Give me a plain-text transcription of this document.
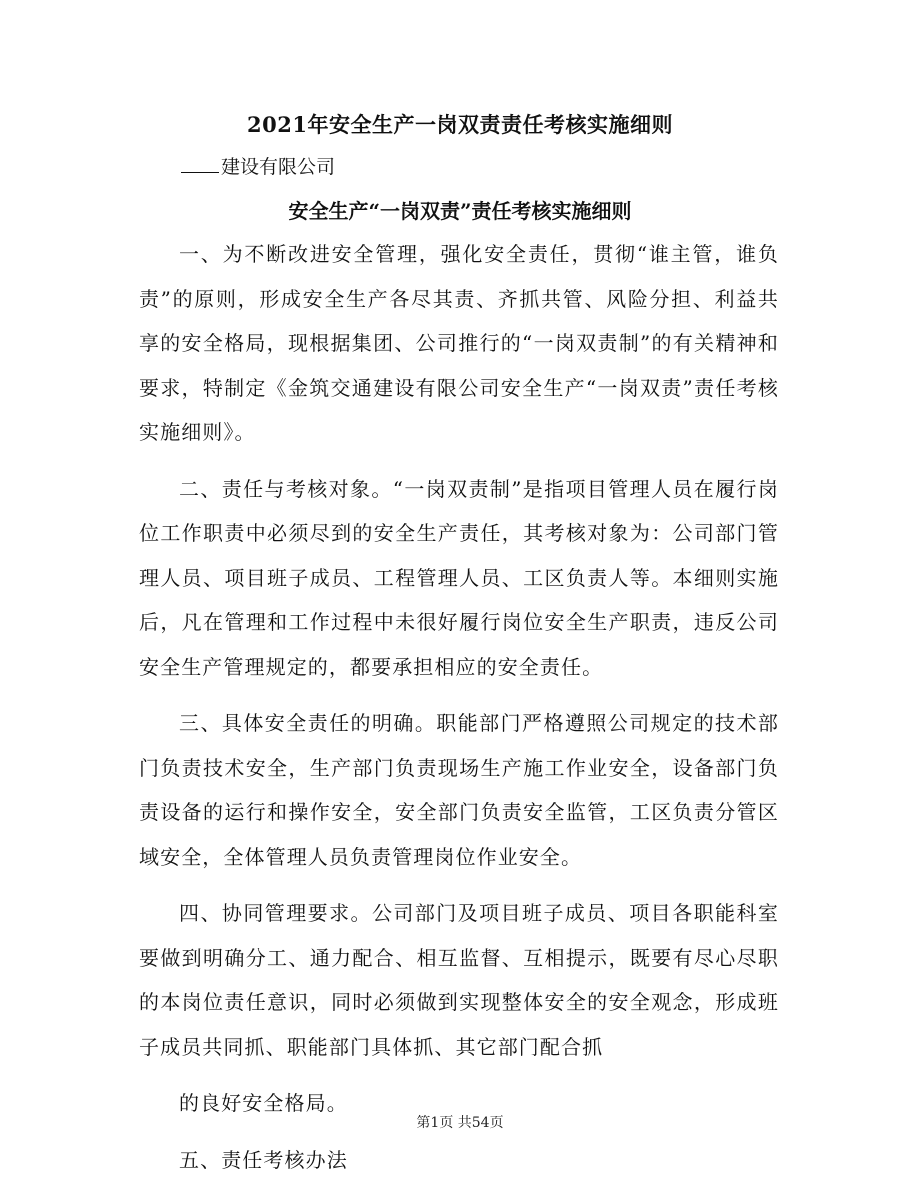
2021年安全生产一岗双责责任考核实施细则

建设有限公司

安全生产“一岗双责”责任考核实施细则

一、为不断改进安全管理，强化安全责任，贯彻“谁主管，谁负责”的原则，形成安全生产各尽其责、齐抓共管、风险分担、利益共享的安全格局，现根据集团、公司推行的“一岗双责制”的有关精神和要求，特制定《金筑交通建设有限公司安全生产“一岗双责”责任考核实施细则》。

二、责任与考核对象。“一岗双责制”是指项目管理人员在履行岗位工作职责中必须尽到的安全生产责任，其考核对象为：公司部门管理人员、项目班子成员、工程管理人员、工区负责人等。本细则实施后，凡在管理和工作过程中未很好履行岗位安全生产职责，违反公司安全生产管理规定的，都要承担相应的安全责任。

三、具体安全责任的明确。职能部门严格遵照公司规定的技术部门负责技术安全，生产部门负责现场生产施工作业安全，设备部门负责设备的运行和操作安全，安全部门负责安全监管，工区负责分管区域安全，全体管理人员负责管理岗位作业安全。

四、协同管理要求。公司部门及项目班子成员、项目各职能科室要做到明确分工、通力配合、相互监督、互相提示，既要有尽心尽职的本岗位责任意识，同时必须做到实现整体安全的安全观念，形成班子成员共同抓、职能部门具体抓、其它部门配合抓

的良好安全格局。

五、责任考核办法

第1页 共54页
